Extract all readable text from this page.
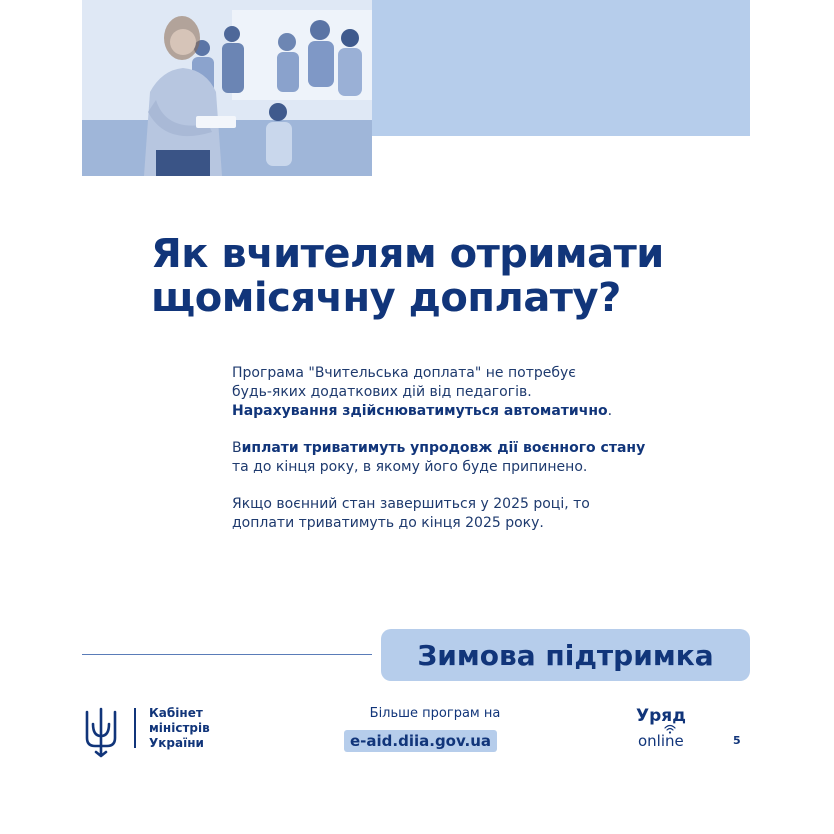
Як вчителям отримати
щомісячну доплату?

Програма "Вчительська доплата" не потребує
будь-яких додаткових дій від педагогів.
Нарахування здійснюватимуться автоматично.

Виплати триватимуть упродовж дії воєнного стану
та до кінця року, в якому його буде припинено.

Якщо воєнний стан завершиться у 2025 році, то
доплати триватимуть до кінця 2025 року.

Зимова підтримка
Кабінет
міністрів
України
Більше програм на
e-aid.diia.gov.ua
Уряд
online	5
